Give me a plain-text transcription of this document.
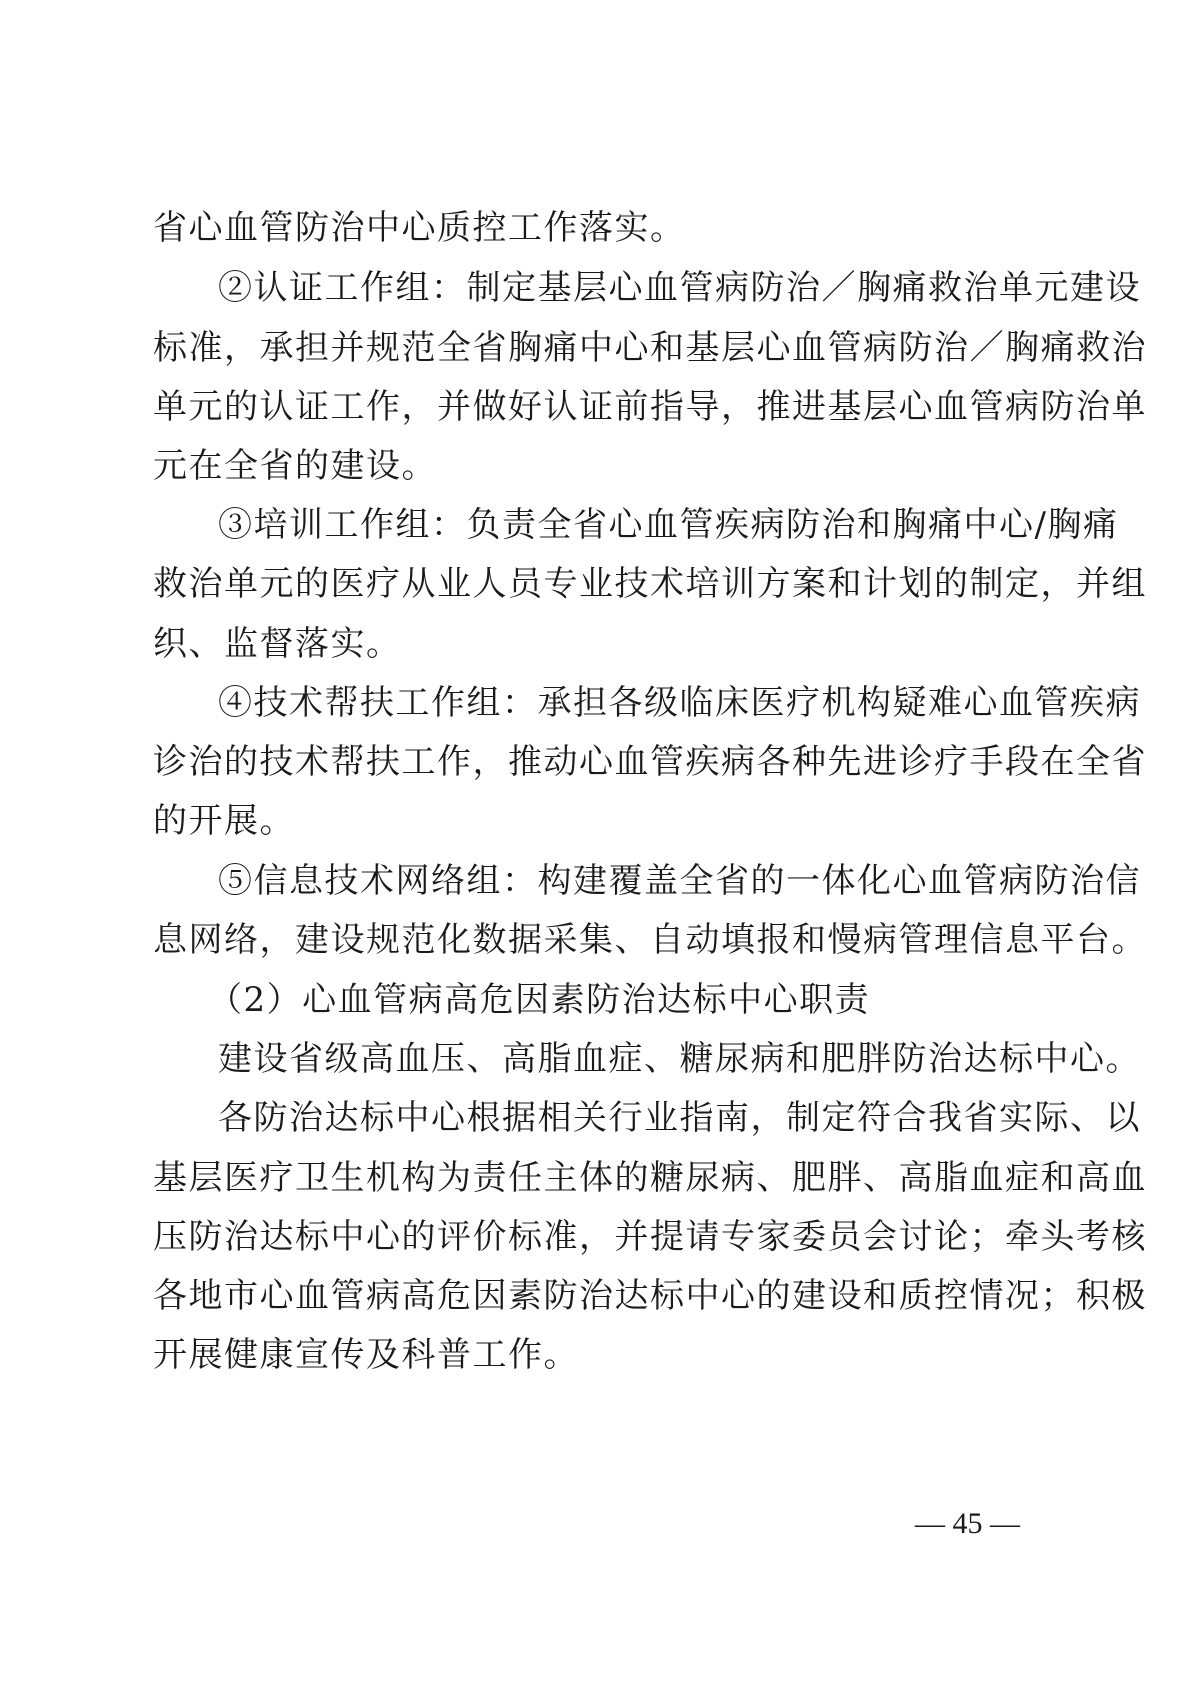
省心血管防治中心质控工作落实。
②认证工作组：制定基层心血管病防治／胸痛救治单元建设
标准，承担并规范全省胸痛中心和基层心血管病防治／胸痛救治
单元的认证工作，并做好认证前指导，推进基层心血管病防治单
元在全省的建设。
③培训工作组：负责全省心血管疾病防治和胸痛中心/胸痛
救治单元的医疗从业人员专业技术培训方案和计划的制定，并组
织、监督落实。
④技术帮扶工作组：承担各级临床医疗机构疑难心血管疾病
诊治的技术帮扶工作，推动心血管疾病各种先进诊疗手段在全省
的开展。
⑤信息技术网络组：构建覆盖全省的一体化心血管病防治信
息网络，建设规范化数据采集、自动填报和慢病管理信息平台。
（2）心血管病高危因素防治达标中心职责
建设省级高血压、高脂血症、糖尿病和肥胖防治达标中心。
各防治达标中心根据相关行业指南，制定符合我省实际、以
基层医疗卫生机构为责任主体的糖尿病、肥胖、高脂血症和高血
压防治达标中心的评价标准，并提请专家委员会讨论；牵头考核
各地市心血管病高危因素防治达标中心的建设和质控情况；积极
开展健康宣传及科普工作。
— 45 —
